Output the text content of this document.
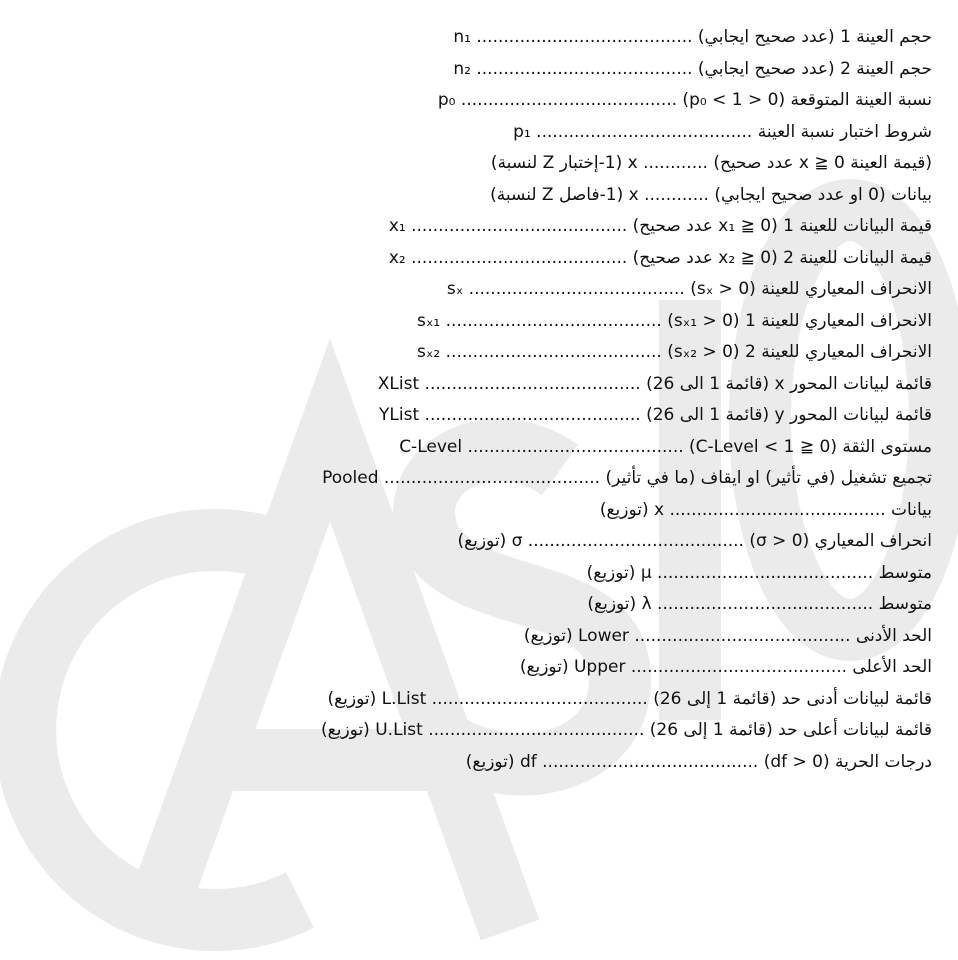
حجم العينة 1 (عدد صحيح ايجابي) ........................................ n₁
حجم العينة 2 (عدد صحيح ايجابي) ........................................ n₂
نسبة العينة المتوقعة (0 < p₀ < 1) ........................................ p₀
شروط اختبار نسبة العينة ........................................ p₁
(قيمة العينة 0 ≦ x عدد صحيح) ............ x (1-إختبار Z لنسبة)
بيانات (0 او عدد صحيح ايجابي) ............ x (1-فاصل Z لنسبة)
قيمة البيانات للعينة 1 (0 ≦ x₁ عدد صحيح) ........................................ x₁
قيمة البيانات للعينة 2 (0 ≦ x₂ عدد صحيح) ........................................ x₂
الانحراف المعياري للعينة (sₓ > 0) ........................................ sₓ
الانحراف المعياري للعينة 1 (sₓ₁ > 0) ........................................ sₓ₁
الانحراف المعياري للعينة 2 (sₓ₂ > 0) ........................................ sₓ₂
قائمة لبيانات المحور x (قائمة 1 الى 26) ........................................ XList
قائمة لبيانات المحور y (قائمة 1 الى 26) ........................................ YList
مستوى الثقة (0 ≦ C-Level < 1) ........................................ C-Level
تجميع تشغيل (في تأثير) او ايقاف (ما في تأثير) ........................................ Pooled
بيانات ........................................ x (توزيع)
انحراف المعياري (σ > 0) ........................................ σ (توزيع)
متوسط ........................................ μ (توزيع)
متوسط ........................................ λ (توزيع)
الحد الأدنى ........................................ Lower (توزيع)
الحد الأعلى ........................................ Upper (توزيع)
قائمة لبيانات أدنى حد (قائمة 1 إلى 26) ........................................ L.List (توزيع)
قائمة لبيانات أعلى حد (قائمة 1 إلى 26) ........................................ U.List (توزيع)
درجات الحرية (df > 0) ........................................ df (توزيع)
